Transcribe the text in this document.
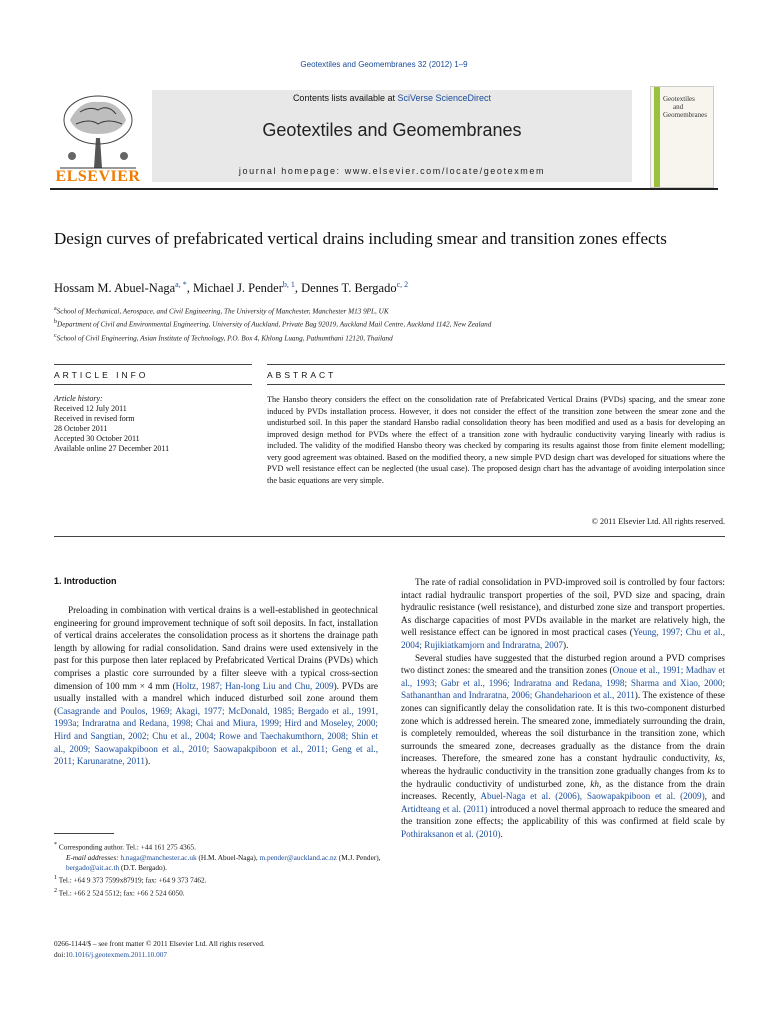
Geotextiles and Geomembranes 32 (2012) 1–9
ELSEVIER
Contents lists available at SciVerse ScienceDirect
Geotextiles and Geomembranes
journal homepage: www.elsevier.com/locate/geotexmem
Geotextiles
and
Geomembranes
Design curves of prefabricated vertical drains including smear and transition zones effects
Hossam M. Abuel-Naga$^{a, *}$, Michael J. Pender$^{b, 1}$, Dennes T. Bergado$^{c, 2}$
$^a$School of Mechanical, Aerospace, and Civil Engineering, The University of Manchester, Manchester M13 9PL, UK
$^b$Department of Civil and Environmental Engineering, University of Auckland, Private Bag 92019, Auckland Mail Centre, Auckland 1142, New Zealand
$^c$School of Civil Engineering, Asian Institute of Technology, P.O. Box 4, Khlong Luang, Pathumthani 12120, Thailand
ARTICLE INFO	ABSTRACT
Article history:
Received 12 July 2011
Received in revised form
28 October 2011
Accepted 30 October 2011
Available online 27 December 2011
The Hansbo theory considers the effect on the consolidation rate of Prefabricated Vertical Drains (PVDs) spacing, and the smear zone induced by PVDs installation process. However, it does not consider the effect of the transition zone between the smear zone and the undisturbed soil. In this paper the standard Hansbo radial consolidation theory has been modified and used as a basis for developing an improved design method for PVDs where the effect of a transition zone with hydraulic conductivity varying linearly with radius is included. The validity of the modified Hansbo theory was checked by comparing its results against those from finite element modelling; very good agreement was obtained. Based on the modified theory, a new simple PVD design chart was developed for situations where the PVD well resistance effect can be neglected (the usual case). The proposed design chart has the advantage of avoiding interpolation since the basic equations are very simple.
© 2011 Elsevier Ltd. All rights reserved.
1. Introduction

Preloading in combination with vertical drains is a well-established in geotechnical engineering for ground improvement technique of soft soil deposits. In fact, installation of vertical drains accelerates the consolidation process as it shortens the drainage path length by allowing for radial consolidation. Sand drains were used extensively in the past for this purpose then later replaced by Prefabricated Vertical Drains (PVDs) which comprises a plastic core surrounded by a filter sleeve with a typical cross-section dimension of 100 mm × 4 mm (Holtz, 1987; Han-long Liu and Chu, 2009). PVDs are usually installed with a mandrel which induced disturbed soil zone around them (Casagrande and Poulos, 1969; Akagi, 1977; McDonald, 1985; Bergado et al., 1991, 1993a; Indraratna and Redana, 1998; Chai and Miura, 1999; Hird and Moseley, 2000; Hird and Sangtian, 2002; Chu et al., 2004; Rowe and Taechakumthorn, 2008; Shin et al., 2009; Saowapakpiboon et al., 2010; Saowapakpiboon et al., 2011; Geng et al., 2011; Karunaratne, 2011).

The rate of radial consolidation in PVD-improved soil is controlled by four factors: intact radial hydraulic transport properties of the soil, PVD size and spacing, drain hydraulic resistance (well resistance), and disturbed zone size and transport properties. As discharge capacities of most PVDs available in the market are relatively high, the well resistance effect can be ignored in most practical cases (Yeung, 1997; Chu et al., 2004; Rujikiatkamjorn and Indraratna, 2007).

Several studies have suggested that the disturbed region around a PVD comprises two distinct zones: the smeared and the transition zones (Onoue et al., 1991; Madhav et al., 1993; Gabr et al., 1996; Indraratna and Redana, 1998; Sharma and Xiao, 2000; Sathananthan and Indraratna, 2006; Ghandeharioon et al., 2011). The existence of these zones can significantly delay the consolidation rate. It is this two-component disturbed zone which is addressed herein. The smeared zone, immediately surrounding the drain, is completely remoulded, whereas the soil disturbance in the transition zone, which surrounds the smeared zone, decreases gradually as the distance from the drain increases. Therefore, the smeared zone has a constant hydraulic conductivity, ks, whereas the hydraulic conductivity in the transition zone gradually changes from ks to the hydraulic conductivity of undisturbed zone, kh, as the distance from the drain increases. Recently, Abuel-Naga et al. (2006), Saowapakpiboon et al. (2009), and Artidteang et al. (2011) introduced a novel thermal approach to reduce the smeared and the transition zone effects; the applicability of this was confirmed at field scale by Pothiraksanon et al. (2010).

* Corresponding author. Tel.: +44 161 275 4365.
E-mail addresses: h.naga@manchester.ac.uk (H.M. Abuel-Naga), m.pender@auckland.ac.nz (M.J. Pender), bergado@ait.ac.th (D.T. Bergado).
$^1$ Tel.: +64 9 373 7599x87919; fax: +64 9 373 7462.
$^2$ Tel.: +66 2 524 5512; fax: +66 2 524 6050.
0266-1144/$ – see front matter © 2011 Elsevier Ltd. All rights reserved.
doi:10.1016/j.geotexmem.2011.10.007
